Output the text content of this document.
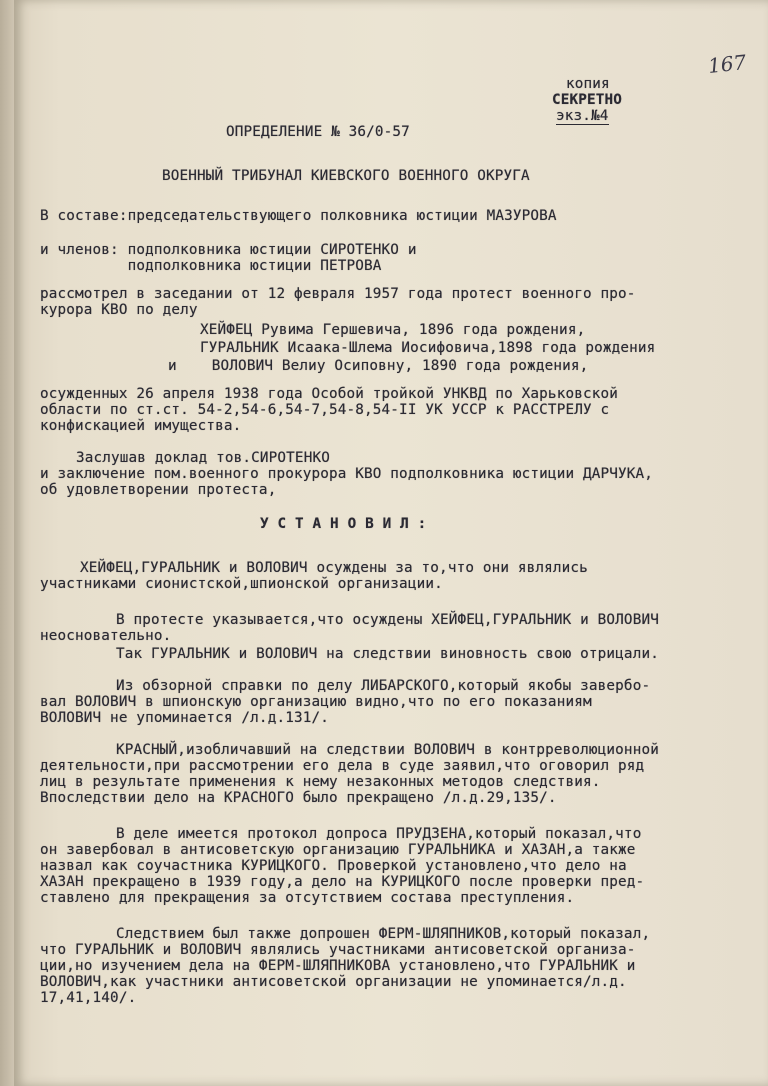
167
копия
СЕКРЕТНО
экз.№4
ОПРЕДЕЛЕНИЕ № 36/0-57
ВОЕННЫЙ ТРИБУНАЛ КИЕВСКОГО ВОЕННОГО ОКРУГА
В составе:председательствующего полковника юстиции МАЗУРОВА
и членов: подполковника юстиции СИРОТЕНКО и
подполковника юстиции ПЕТРОВА
рассмотрел в заседании от 12 февраля 1957 года протест военного про-
курора КВО по делу
ХЕЙФЕЦ Рувима Гершевича, 1896 года рождения,
ГУРАЛЬНИК Исаака-Шлема Иосифовича,1898 года рождения
и    ВОЛОВИЧ Велиу Осиповну, 1890 года рождения,
осужденных 26 апреля 1938 года Особой тройкой УНКВД по Харьковской
области по ст.ст. 54-2,54-6,54-7,54-8,54-II УК УССР к РАССТРЕЛУ с
конфискацией имущества.
Заслушав доклад тов.СИРОТЕНКО
и заключение пом.военного прокурора КВО подполковника юстиции ДАРЧУКА,
об удовлетворении протеста,
У С Т А Н О В И Л :
ХЕЙФЕЦ,ГУРАЛЬНИК и ВОЛОВИЧ осуждены за то,что они являлись
участниками сионистской,шпионской организации.
В протесте указывается,что осуждены ХЕЙФЕЦ,ГУРАЛЬНИК и ВОЛОВИЧ
неосновательно.
Так ГУРАЛЬНИК и ВОЛОВИЧ на следствии виновность свою отрицали.
Из обзорной справки по делу ЛИБАРСКОГО,который якобы завербо-
вал ВОЛОВИЧ в шпионскую организацию видно,что по его показаниям
ВОЛОВИЧ не упоминается /л.д.131/.
КРАСНЫЙ,изобличавший на следствии ВОЛОВИЧ в контрреволюционной
деятельности,при рассмотрении его дела в суде заявил,что оговорил ряд
лиц в результате применения к нему незаконных методов следствия.
Впоследствии дело на КРАСНОГО было прекращено /л.д.29,135/.
В деле имеется протокол допроса ПРУДЗЕНА,который показал,что
он завербовал в антисоветскую организацию ГУРАЛЬНИКА и ХАЗАН,а также
назвал как соучастника КУРИЦКОГО. Проверкой установлено,что дело на
ХАЗАН прекращено в 1939 году,а дело на КУРИЦКОГО после проверки пред-
ставлено для прекращения за отсутствием состава преступления.
Следствием был также допрошен ФЕРМ-ШЛЯПНИКОВ,который показал,
что ГУРАЛЬНИК и ВОЛОВИЧ являлись участниками антисоветской организа-
ции,но изучением дела на ФЕРМ-ШЛЯПНИКОВА установлено,что ГУРАЛЬНИК и
ВОЛОВИЧ,как участники антисоветской организации не упоминается/л.д.
17,41,140/.
